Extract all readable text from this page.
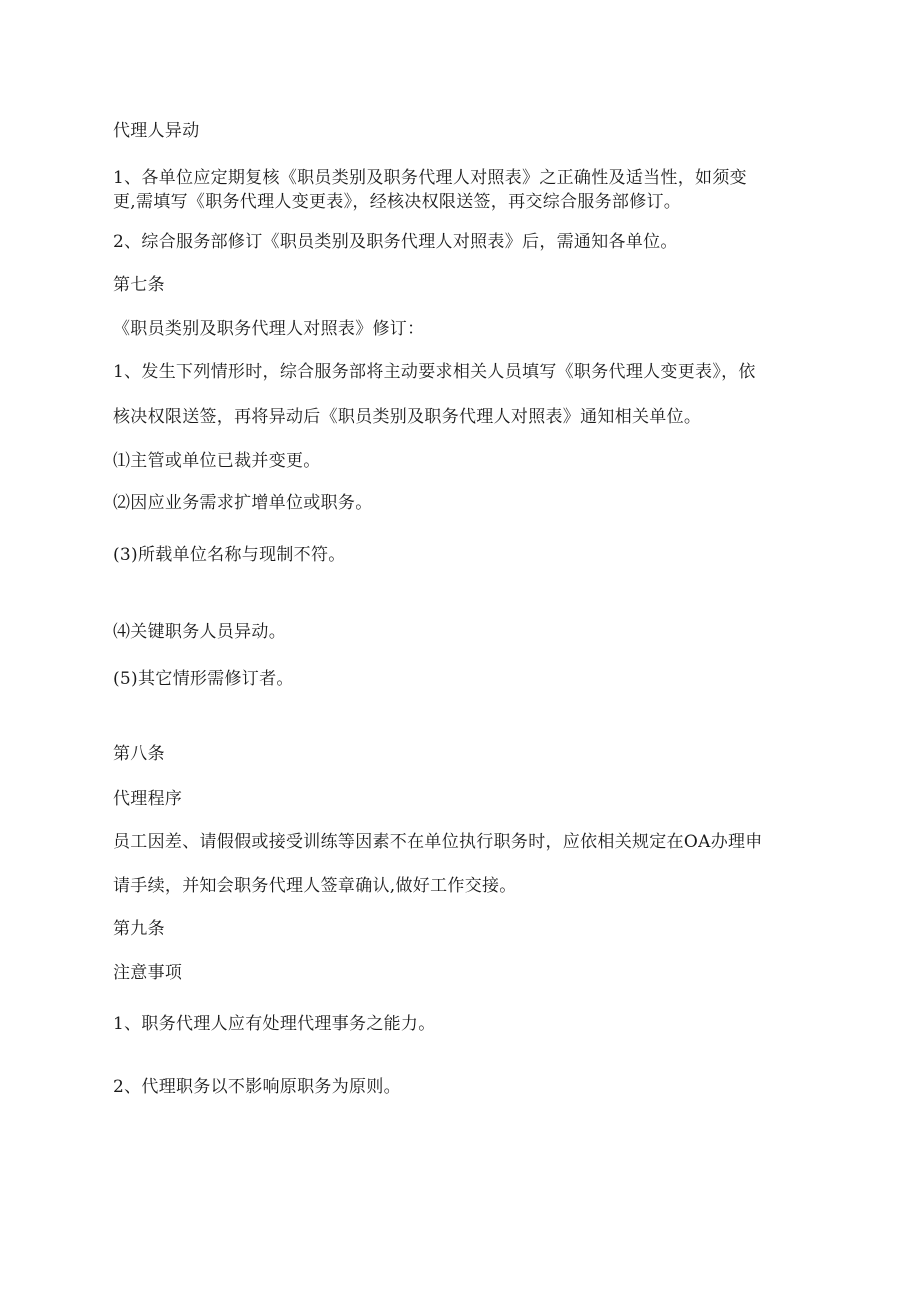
代理人异动

1、各单位应定期复核《职员类别及职务代理人对照表》之正确性及适当性，如须变

更,需填写《职务代理人变更表》，经核决权限送签，再交综合服务部修订。

2、综合服务部修订《职员类别及职务代理人对照表》后，需通知各单位。

第七条

《职员类别及职务代理人对照表》修订：

1、发生下列情形时，综合服务部将主动要求相关人员填写《职务代理人变更表》，依

核决权限送签，再将异动后《职员类别及职务代理人对照表》通知相关单位。

⑴主管或单位已裁并变更。

⑵因应业务需求扩增单位或职务。

(3)所载单位名称与现制不符。

⑷关键职务人员异动。

(5)其它情形需修订者。

第八条

代理程序

员工因差、请假假或接受训练等因素不在单位执行职务时，应依相关规定在OA办理申

请手续，并知会职务代理人签章确认,做好工作交接。

第九条

注意事项

1、职务代理人应有处理代理事务之能力。

2、代理职务以不影响原职务为原则。
